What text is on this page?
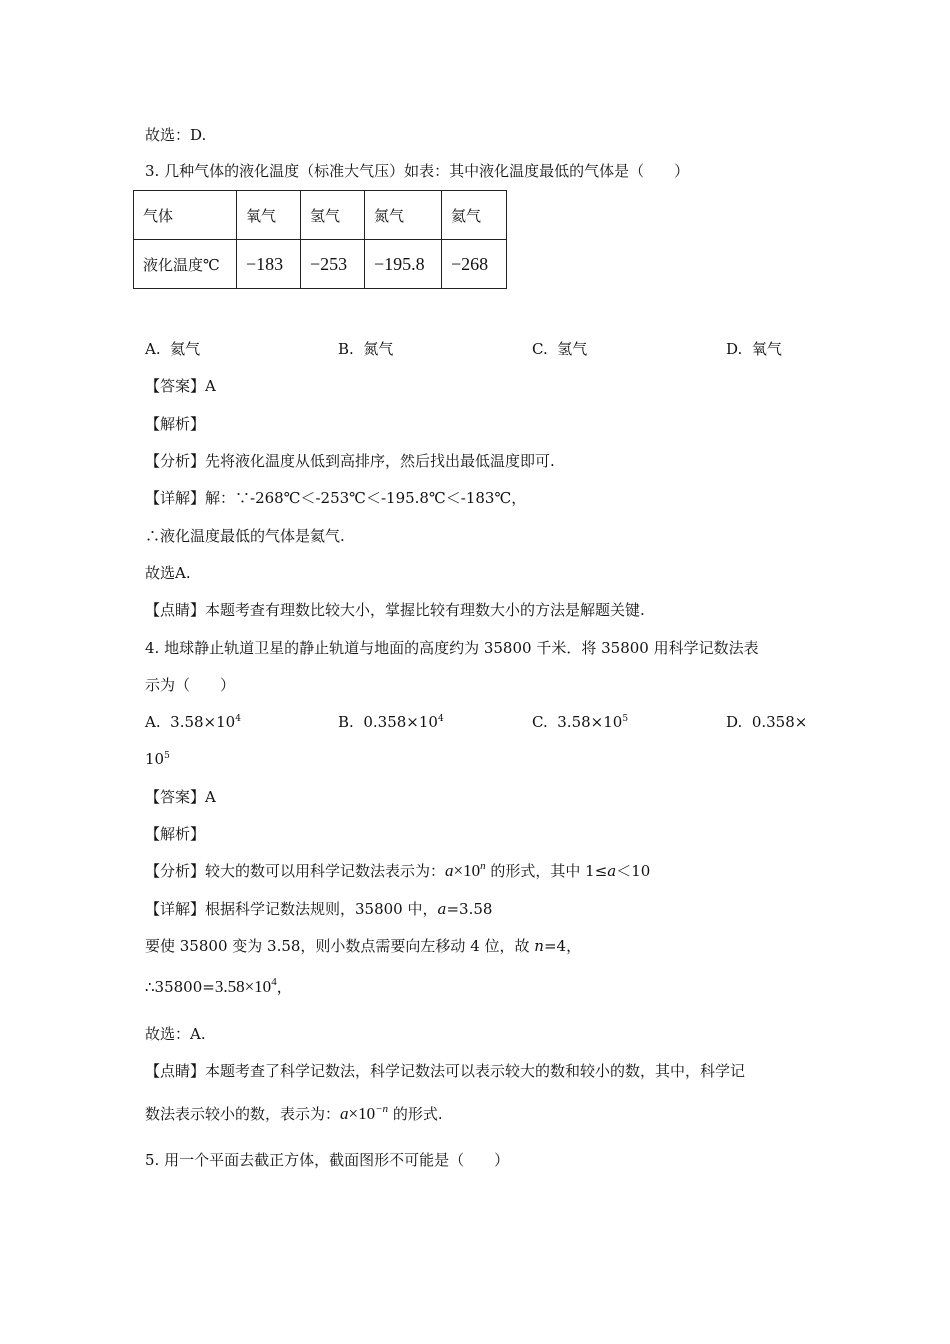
故选：D.
3. 几种气体的液化温度（标准大气压）如表：其中液化温度最低的气体是（　　）
气体	氧气	氢气	氮气	氦气
液化温度℃	−183	−253	−195.8	−268
A. 氦气	B. 氮气	C. 氢气	D. 氧气
【答案】A
【解析】
【分析】先将液化温度从低到高排序，然后找出最低温度即可.
【详解】解：∵-268℃＜-253℃＜-195.8℃＜-183℃，
∴液化温度最低的气体是氦气.
故选A.
【点睛】本题考查有理数比较大小，掌握比较有理数大小的方法是解题关键.
4. 地球静止轨道卫星的静止轨道与地面的高度约为 35800 千米．将 35800 用科学记数法表
示为（　　）
A. $3.58\times 10^4$	B. $0.358\times 10^4$	C. $3.58\times 10^5$	D. 0.358×
$10^5$
【答案】A
【解析】
【分析】较大的数可以用科学记数法表示为：$a\times 10^n$ 的形式，其中 1≤a＜10
【详解】根据科学记数法规则，35800 中，a=3.58
要使 35800 变为 3.58，则小数点需要向左移动 4 位，故 n=4，
$\therefore 35800=3.58\times 10^4$，
故选：A.
【点睛】本题考查了科学记数法，科学记数法可以表示较大的数和较小的数，其中，科学记
数法表示较小的数，表示为：$a\times 10^{-n}$ 的形式.
5. 用一个平面去截正方体，截面图形不可能是（　　）
